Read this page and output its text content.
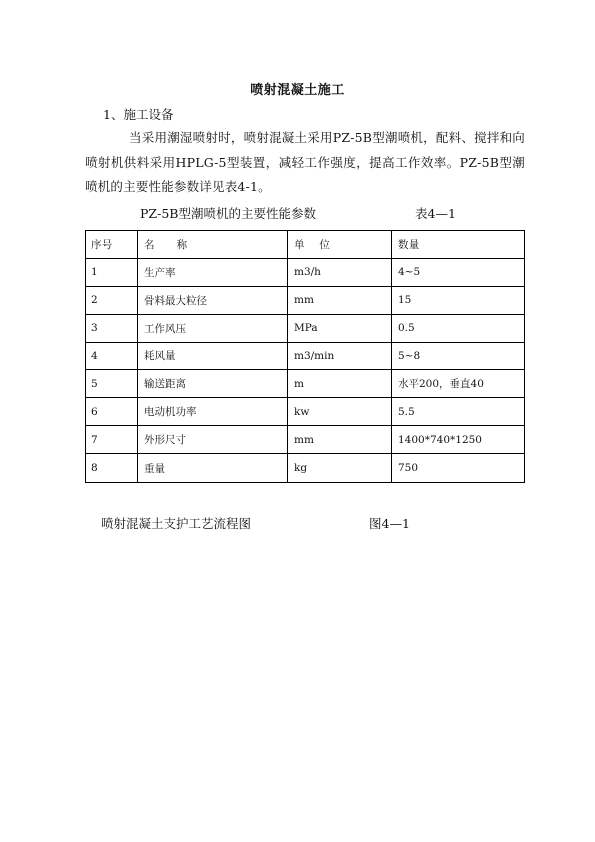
喷射混凝土施工
1、施工设备
当采用潮湿喷射时，喷射混凝土采用PZ-5B型潮喷机，配料、搅拌和向喷射机供料采用HPLG-5型装置，减轻工作强度，提高工作效率。PZ-5B型潮喷机的主要性能参数详见表4-1。
PZ-5B型潮喷机的主要性能参数	表4—1
序号	名      称	单    位	数量
1	生产率	m3/h	4~5
2	骨料最大粒径	mm	15
3	工作风压	MPa	0.5
4	耗风量	m3/min	5~8
5	输送距离	m	水平200，垂直40
6	电动机功率	kw	5.5
7	外形尺寸	mm	1400*740*1250
8	重量	kg	750
喷射混凝土支护工艺流程图	图4—1
